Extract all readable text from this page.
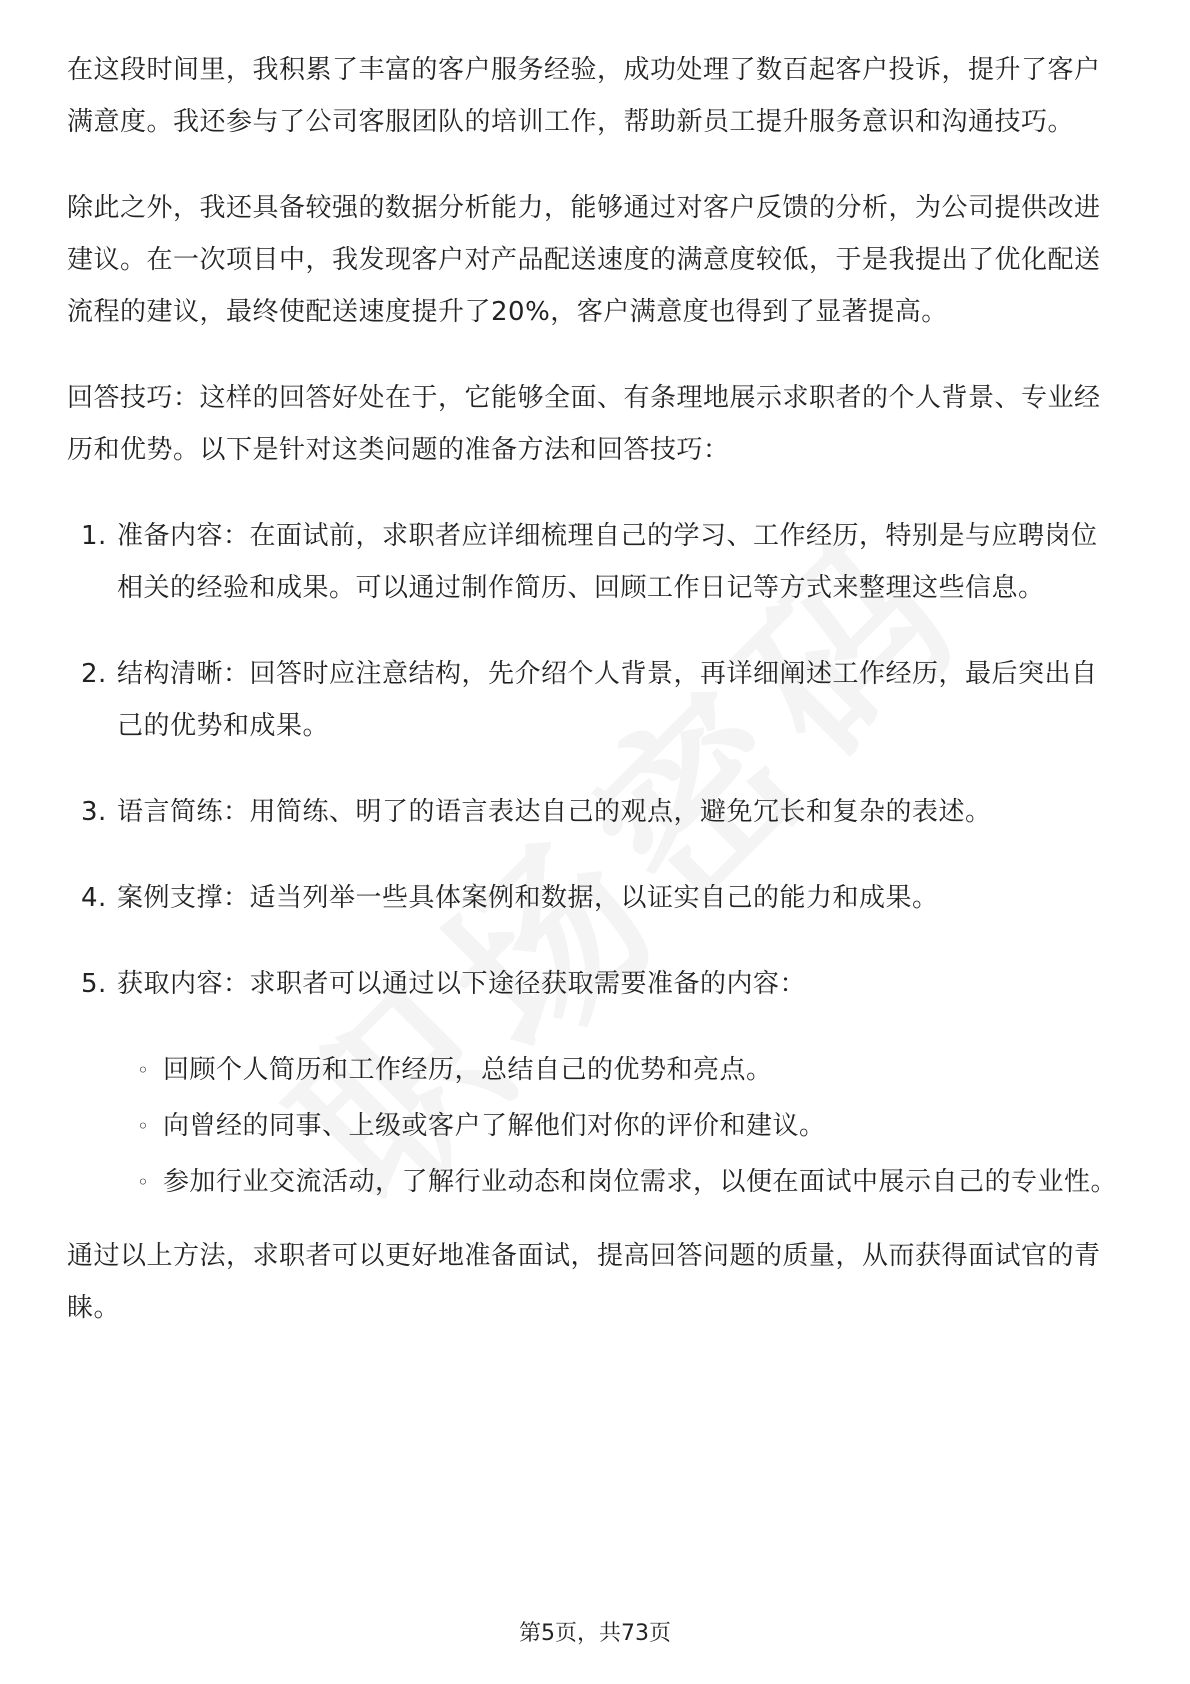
在这段时间里，我积累了丰富的客户服务经验，成功处理了数百起客户投诉，提升了客户满意度。我还参与了公司客服团队的培训工作，帮助新员工提升服务意识和沟通技巧。

除此之外，我还具备较强的数据分析能力，能够通过对客户反馈的分析，为公司提供改进建议。在一次项目中，我发现客户对产品配送速度的满意度较低，于是我提出了优化配送流程的建议，最终使配送速度提升了20%，客户满意度也得到了显著提高。

回答技巧：这样的回答好处在于，它能够全面、有条理地展示求职者的个人背景、专业经历和优势。以下是针对这类问题的准备方法和回答技巧：

1. 准备内容：在面试前，求职者应详细梳理自己的学习、工作经历，特别是与应聘岗位相关的经验和成果。可以通过制作简历、回顾工作日记等方式来整理这些信息。
2. 结构清晰：回答时应注意结构，先介绍个人背景，再详细阐述工作经历，最后突出自己的优势和成果。
3. 语言简练：用简练、明了的语言表达自己的观点，避免冗长和复杂的表述。
4. 案例支撑：适当列举一些具体案例和数据，以证实自己的能力和成果。
5. 获取内容：求职者可以通过以下途径获取需要准备的内容：
◦ 回顾个人简历和工作经历，总结自己的优势和亮点。
◦ 向曾经的同事、上级或客户了解他们对你的评价和建议。
◦ 参加行业交流活动，了解行业动态和岗位需求，以便在面试中展示自己的专业性。

通过以上方法，求职者可以更好地准备面试，提高回答问题的质量，从而获得面试官的青睐。

第5页，共73页
